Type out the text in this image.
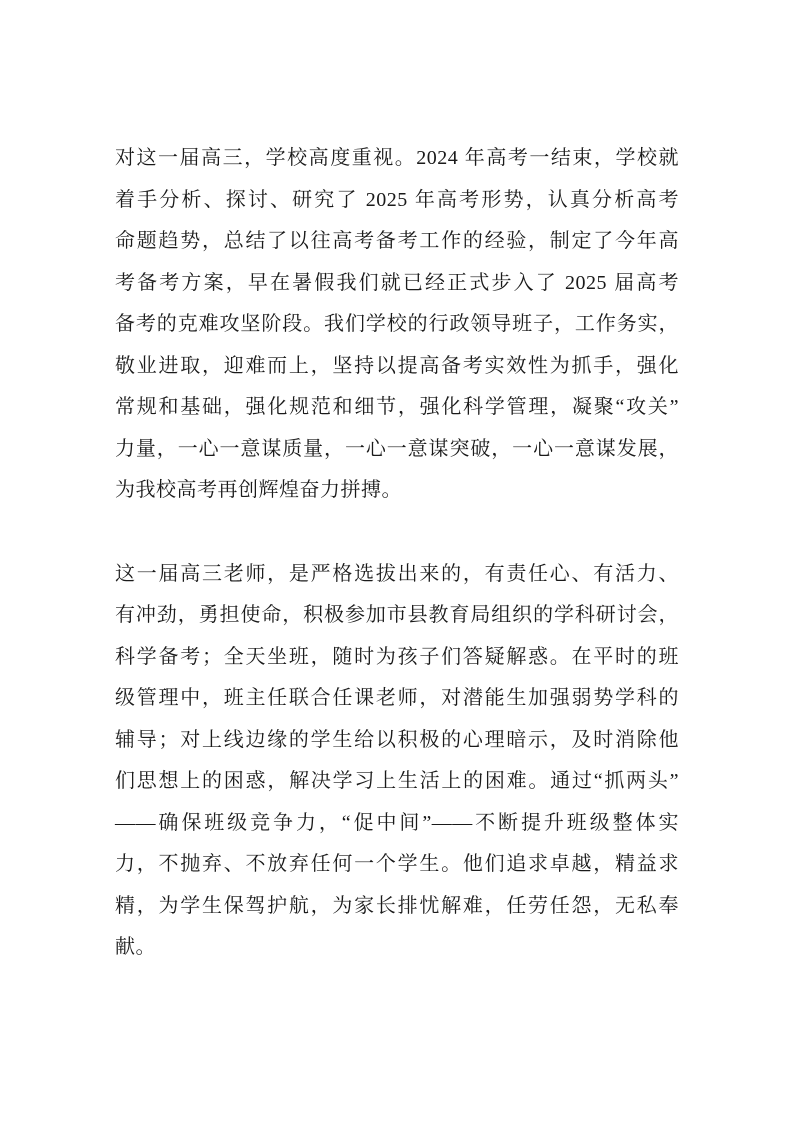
对这一届高三，学校高度重视。2024 年高考一结束，学校就
着手分析、探讨、研究了 2025 年高考形势，认真分析高考
命题趋势，总结了以往高考备考工作的经验，制定了今年高
考备考方案，早在暑假我们就已经正式步入了 2025 届高考
备考的克难攻坚阶段。我们学校的行政领导班子，工作务实，
敬业进取，迎难而上，坚持以提高备考实效性为抓手，强化
常规和基础，强化规范和细节，强化科学管理，凝聚“攻关”
力量，一心一意谋质量，一心一意谋突破，一心一意谋发展，
为我校高考再创辉煌奋力拼搏。
这一届高三老师，是严格选拔出来的，有责任心、有活力、
有冲劲，勇担使命，积极参加市县教育局组织的学科研讨会，
科学备考；全天坐班，随时为孩子们答疑解惑。在平时的班
级管理中，班主任联合任课老师，对潜能生加强弱势学科的
辅导；对上线边缘的学生给以积极的心理暗示，及时消除他
们思想上的困惑，解决学习上生活上的困难。通过“抓两头”
——确保班级竞争力，“促中间”——不断提升班级整体实
力，不抛弃、不放弃任何一个学生。他们追求卓越，精益求
精，为学生保驾护航，为家长排忧解难，任劳任怨，无私奉
献。
